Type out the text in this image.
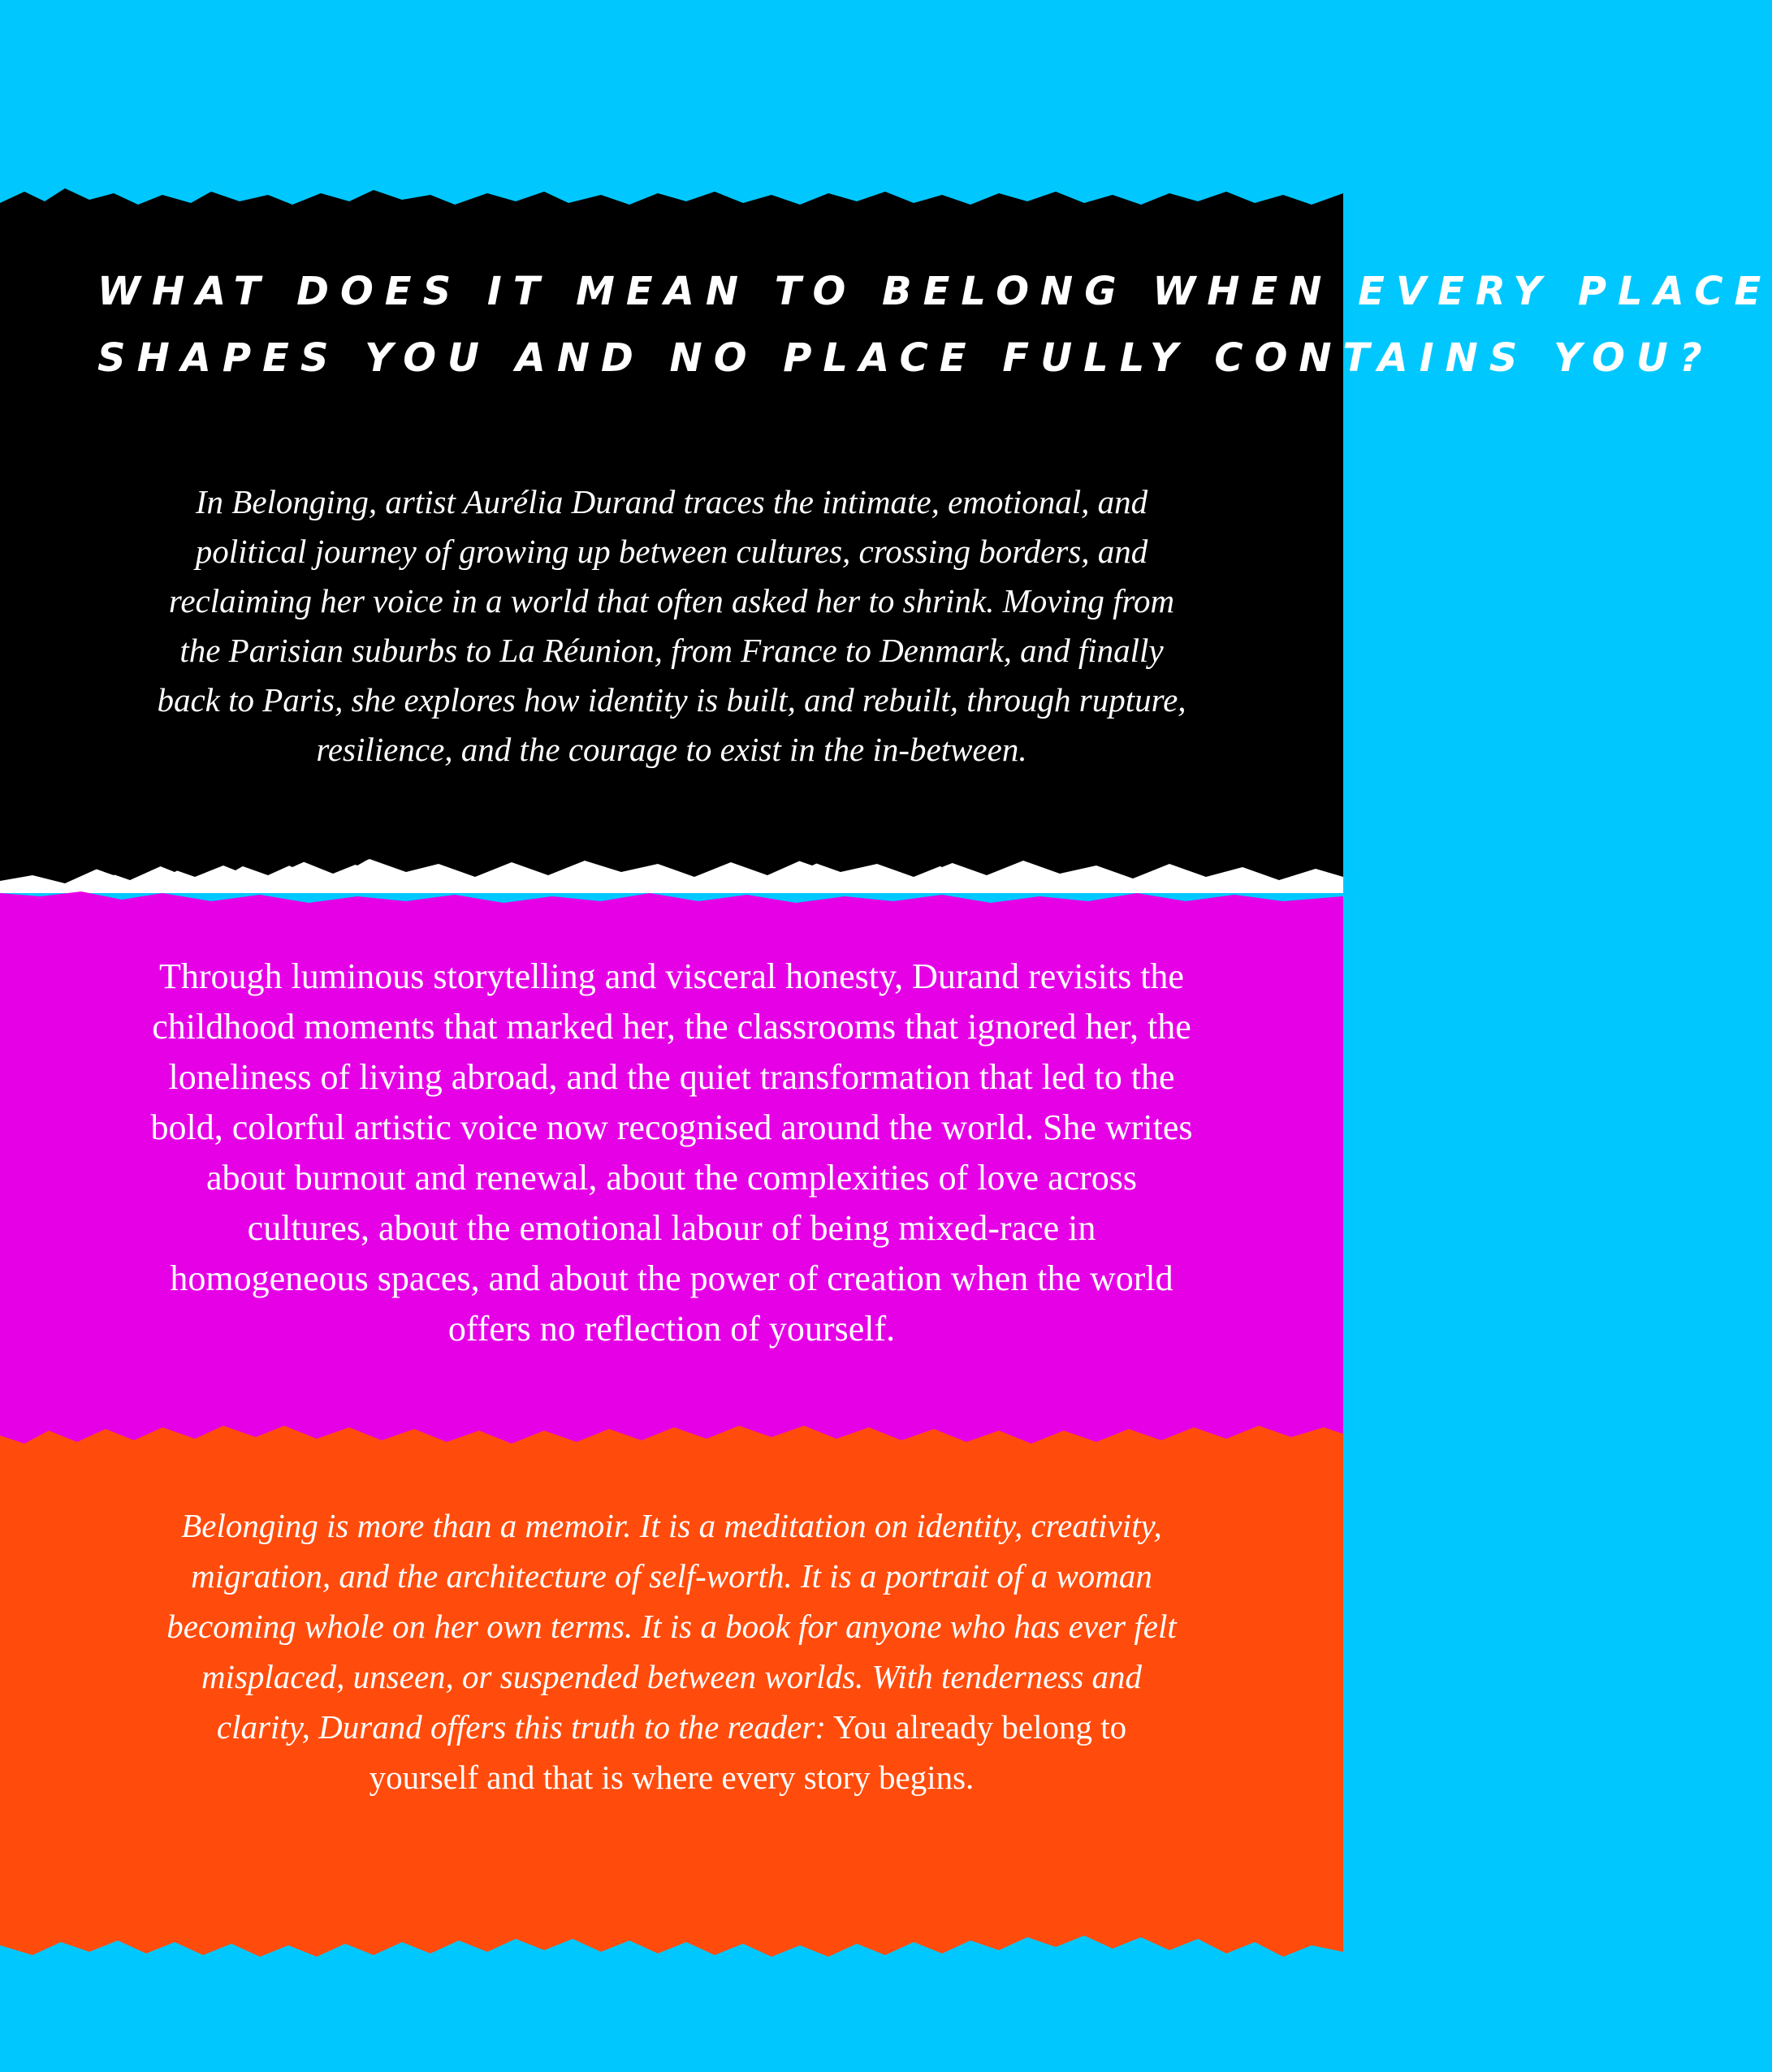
WHAT DOES IT MEAN TO BELONG WHEN EVERY PLACE
SHAPES YOU AND NO PLACE FULLY CONTAINS YOU?
In Belonging, artist Aurélia Durand traces the intimate, emotional, and
political journey of growing up between cultures, crossing borders, and
reclaiming her voice in a world that often asked her to shrink. Moving from
the Parisian suburbs to La Réunion, from France to Denmark, and finally
back to Paris, she explores how identity is built, and rebuilt, through rupture,
resilience, and the courage to exist in the in-between.
Through luminous storytelling and visceral honesty, Durand revisits the
childhood moments that marked her, the classrooms that ignored her, the
loneliness of living abroad, and the quiet transformation that led to the
bold, colorful artistic voice now recognised around the world. She writes
about burnout and renewal, about the complexities of love across
cultures, about the emotional labour of being mixed-race in
homogeneous spaces, and about the power of creation when the world
offers no reflection of yourself.
Belonging is more than a memoir. It is a meditation on identity, creativity,
migration, and the architecture of self-worth. It is a portrait of a woman
becoming whole on her own terms. It is a book for anyone who has ever felt
misplaced, unseen, or suspended between worlds. With tenderness and
clarity, Durand offers this truth to the reader: You already belong to
yourself and that is where every story begins.
